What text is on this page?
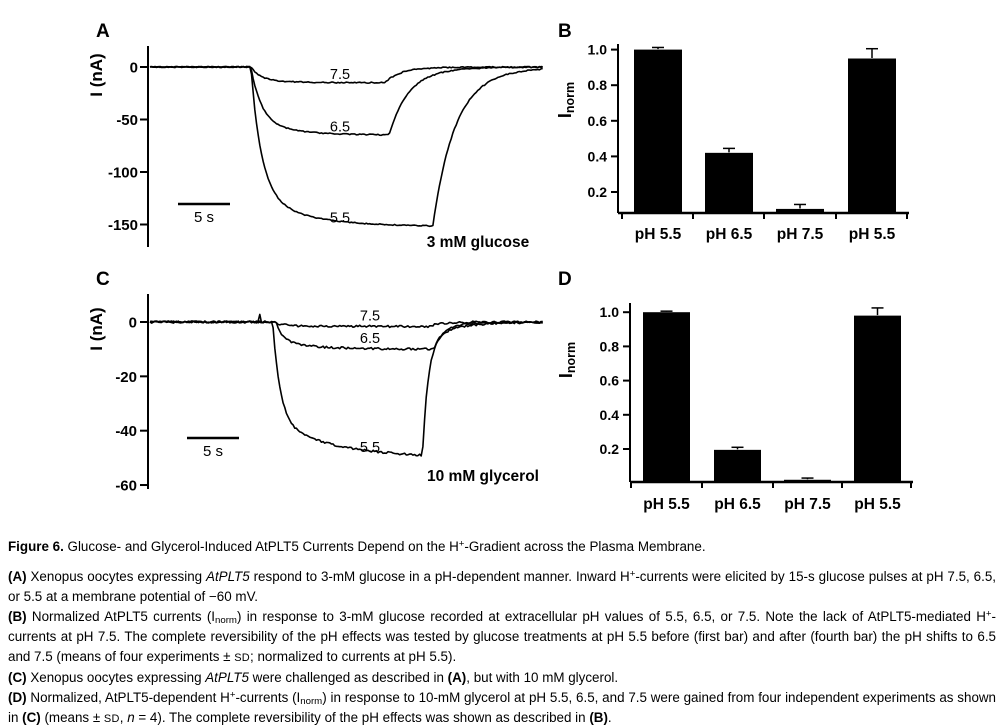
0
-50
-100
-150
I (nA)	7.5
6.5
5.5
5 s
3 mM glucose
1.0
0.8
0.6
0.4
0.2
pH 5.5 pH 6.5 pH 7.5 pH 5.5
Inorm
0
-20
-40
-60
I (nA)	7.5
6.5
5.5
5 s
10 mM glycerol
1.0
0.8
0.6
0.4
0.2
pH 5.5 pH 6.5 pH 7.5 pH 5.5
Inorm
A	B
C	D

Figure 6. Glucose- and Glycerol-Induced AtPLT5 Currents Depend on the H+-Gradient across the Plasma Membrane.

(A) Xenopus oocytes expressing AtPLT5 respond to 3-mM glucose in a pH-dependent manner. Inward H+-currents were elicited by 15-s glucose pulses at pH 7.5, 6.5, or 5.5 at a membrane potential of −60 mV.

(B) Normalized AtPLT5 currents $(I_{norm})$ in response to 3-mM glucose recorded at extracellular pH values of 5.5, 6.5, or 7.5. Note the lack of AtPLT5-mediated H+-currents at pH 7.5. The complete reversibility of the pH effects was tested by glucose treatments at pH 5.5 before (first bar) and after (fourth bar) the pH shifts to 6.5 and 7.5 (means of four experiments ± SD; normalized to currents at pH 5.5).

(C) Xenopus oocytes expressing AtPLT5 were challenged as described in (A), but with 10 mM glycerol.

(D) Normalized, AtPLT5-dependent H+-currents $(I_{norm})$ in response to 10-mM glycerol at pH 5.5, 6.5, and 7.5 were gained from four independent experiments as shown in (C) (means ± SD, n = 4). The complete reversibility of the pH effects was shown as described in (B).
